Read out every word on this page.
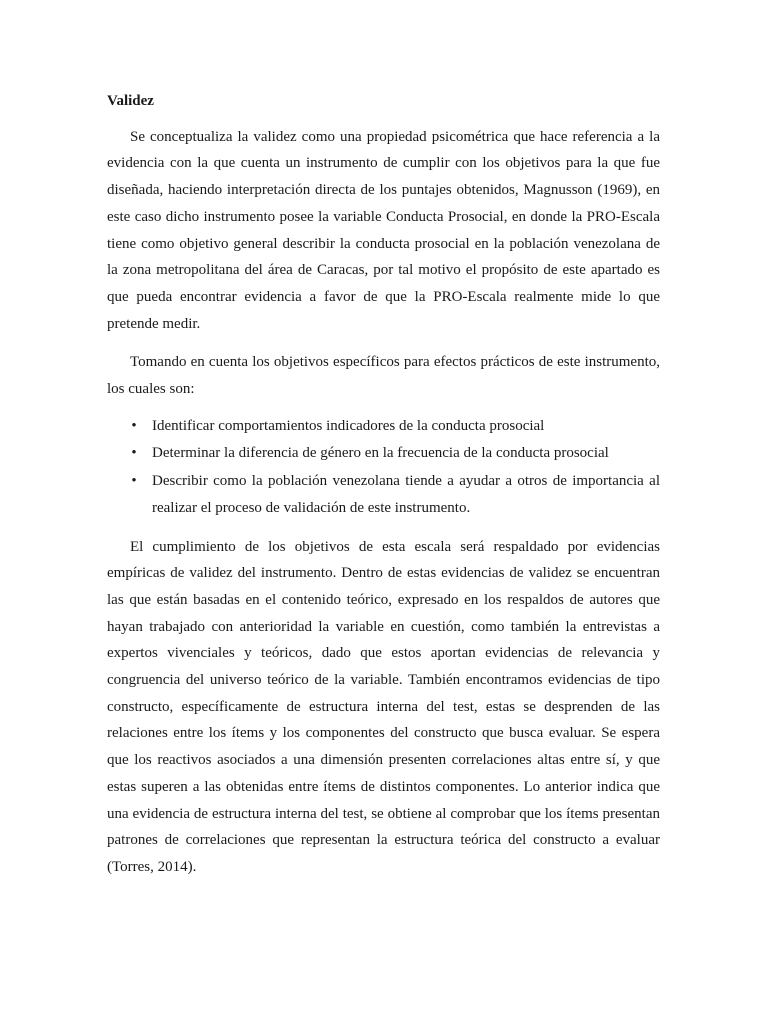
Validez

Se conceptualiza la validez como una propiedad psicométrica que hace referencia a la evidencia con la que cuenta un instrumento de cumplir con los objetivos para la que fue diseñada, haciendo interpretación directa de los puntajes obtenidos, Magnusson (1969), en este caso dicho instrumento posee la variable Conducta Prosocial, en donde la PRO-Escala tiene como objetivo general describir la conducta prosocial en la población venezolana de la zona metropolitana del área de Caracas, por tal motivo el propósito de este apartado es que pueda encontrar evidencia a favor de que la PRO-Escala realmente mide lo que pretende medir.

Tomando en cuenta los objetivos específicos para efectos prácticos de este instrumento, los cuales son:

• Identificar comportamientos indicadores de la conducta prosocial
• Determinar la diferencia de género en la frecuencia de la conducta prosocial
• Describir como la población venezolana tiende a ayudar a otros de importancia al realizar el proceso de validación de este instrumento.

El cumplimiento de los objetivos de esta escala será respaldado por evidencias empíricas de validez del instrumento. Dentro de estas evidencias de validez se encuentran las que están basadas en el contenido teórico, expresado en los respaldos de autores que hayan trabajado con anterioridad la variable en cuestión, como también la entrevistas a expertos vivenciales y teóricos, dado que estos aportan evidencias de relevancia y congruencia del universo teórico de la variable. También encontramos evidencias de tipo constructo, específicamente de estructura interna del test, estas se desprenden de las relaciones entre los ítems y los componentes del constructo que busca evaluar. Se espera que los reactivos asociados a una dimensión presenten correlaciones altas entre sí, y que estas superen a las obtenidas entre ítems de distintos componentes. Lo anterior indica que una evidencia de estructura interna del test, se obtiene al comprobar que los ítems presentan patrones de correlaciones que representan la estructura teórica del constructo a evaluar (Torres, 2014).
